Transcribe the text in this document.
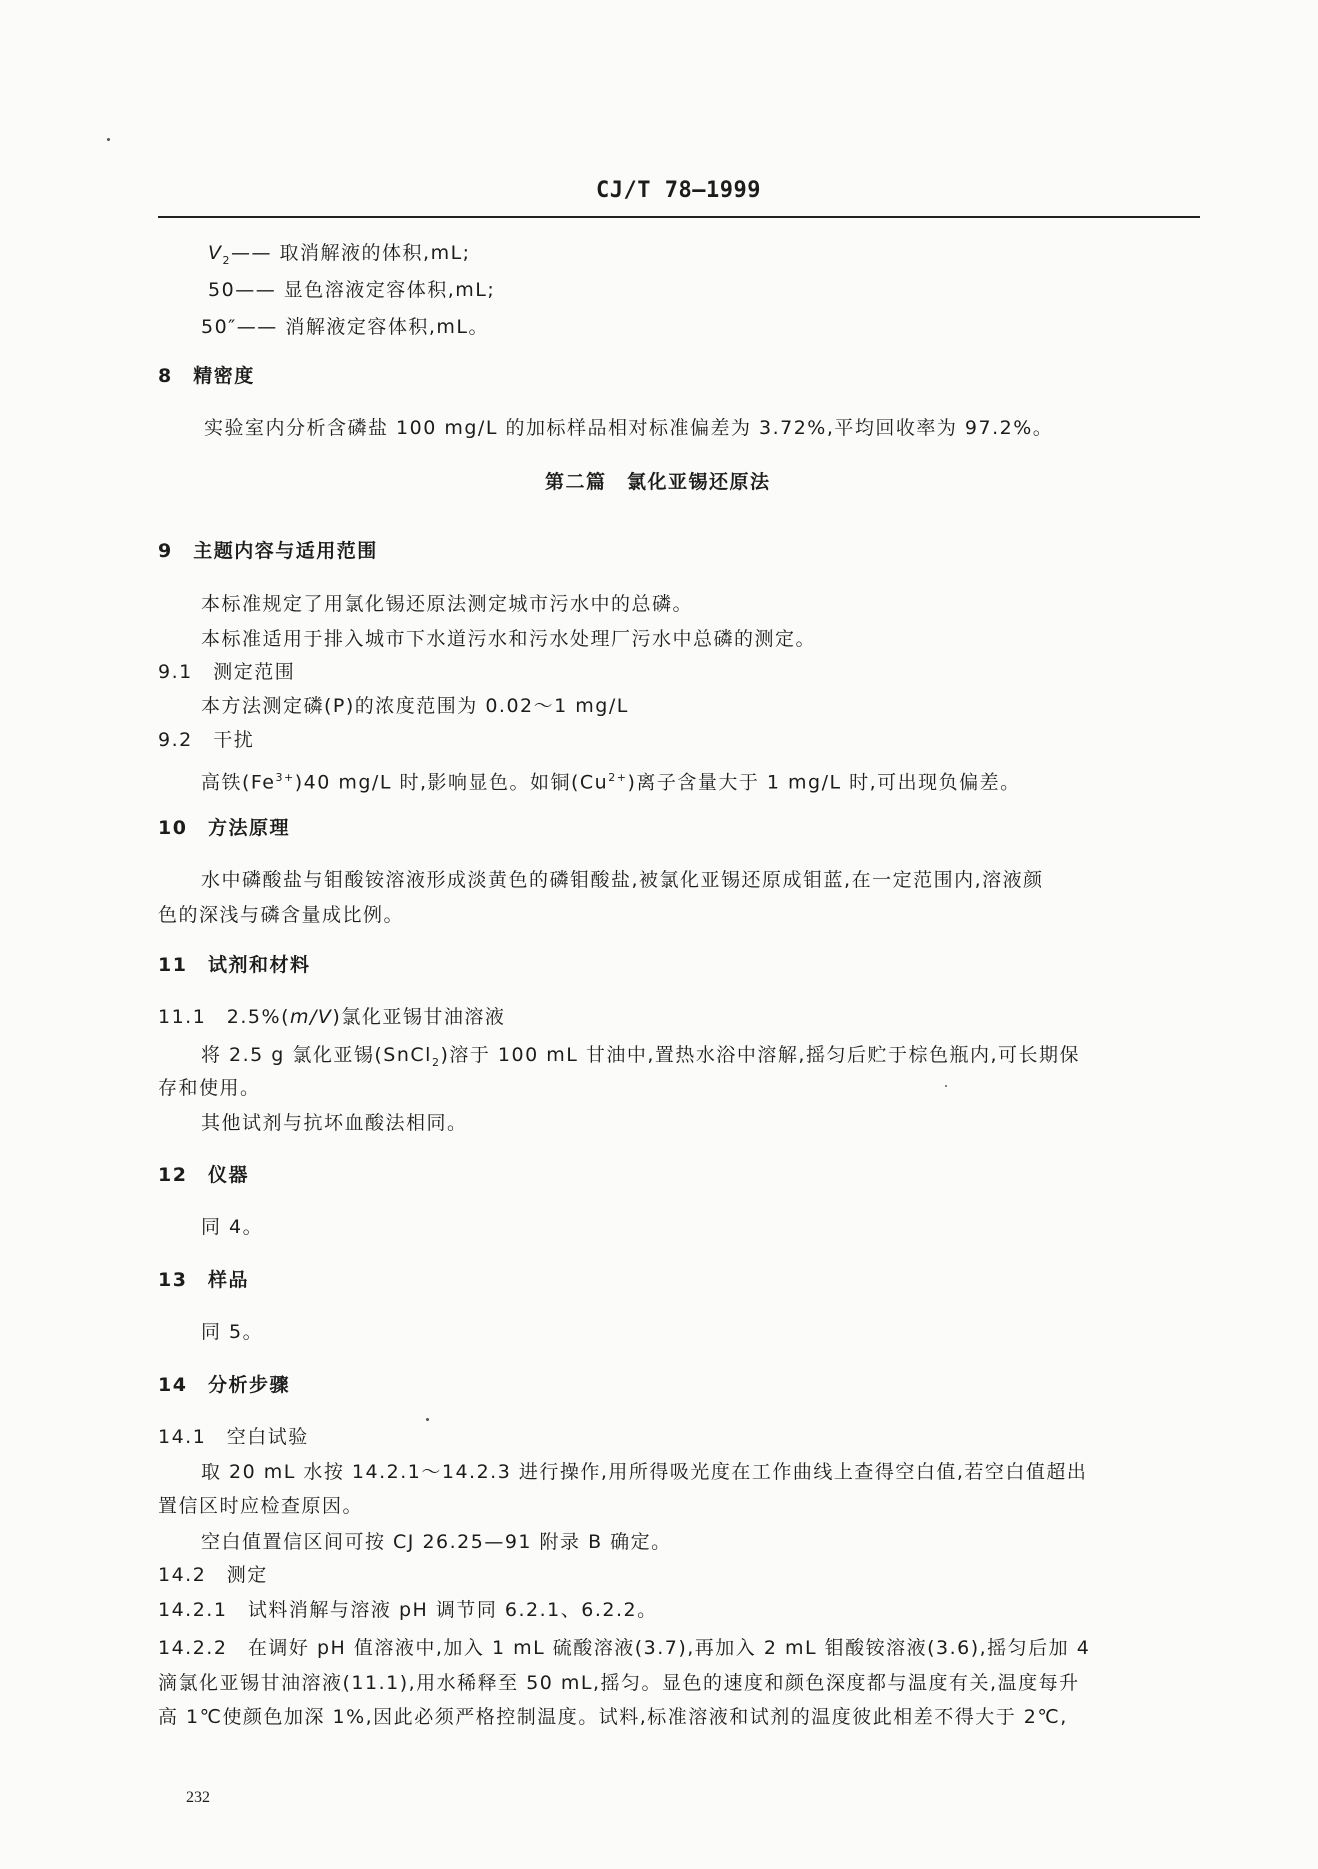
CJ/T 78—1999
$V_2——$ 取消解液的体积,mL;
50—— 显色溶液定容体积,mL;
50″—— 消解液定容体积,mL。
8　精密度
实验室内分析含磷盐 100 mg/L 的加标样品相对标准偏差为 3.72%,平均回收率为 97.2%。
第二篇　氯化亚锡还原法
9　主题内容与适用范围
本标准规定了用氯化锡还原法测定城市污水中的总磷。
本标准适用于排入城市下水道污水和污水处理厂污水中总磷的测定。
9.1　测定范围
本方法测定磷(P)的浓度范围为 0.02～1 mg/L
9.2　干扰
高铁$(Fe^{3+})40$ mg/L 时,影响显色。如铜$(Cu^{2+})$离子含量大于 1 mg/L 时,可出现负偏差。
10　方法原理
水中磷酸盐与钼酸铵溶液形成淡黄色的磷钼酸盐,被氯化亚锡还原成钼蓝,在一定范围内,溶液颜
色的深浅与磷含量成比例。
11　试剂和材料
11.1　2.5%(m/V)氯化亚锡甘油溶液
将 2.5 g 氯化亚锡(SnCl$_2$)溶于 100 mL 甘油中,置热水浴中溶解,摇匀后贮于棕色瓶内,可长期保
存和使用。
其他试剂与抗坏血酸法相同。
12　仪器
同 4。
13　样品
同 5。
14　分析步骤
14.1　空白试验
取 20 mL 水按 14.2.1～14.2.3 进行操作,用所得吸光度在工作曲线上查得空白值,若空白值超出
置信区时应检查原因。
空白值置信区间可按 CJ 26.25—91 附录 B 确定。
14.2　测定
14.2.1　试料消解与溶液 pH 调节同 6.2.1、6.2.2。
14.2.2　在调好 pH 值溶液中,加入 1 mL 硫酸溶液(3.7),再加入 2 mL 钼酸铵溶液(3.6),摇匀后加 4
滴氯化亚锡甘油溶液(11.1),用水稀释至 50 mL,摇匀。显色的速度和颜色深度都与温度有关,温度每升
高 1℃使颜色加深 1%,因此必须严格控制温度。试料,标准溶液和试剂的温度彼此相差不得大于 2℃,
232
